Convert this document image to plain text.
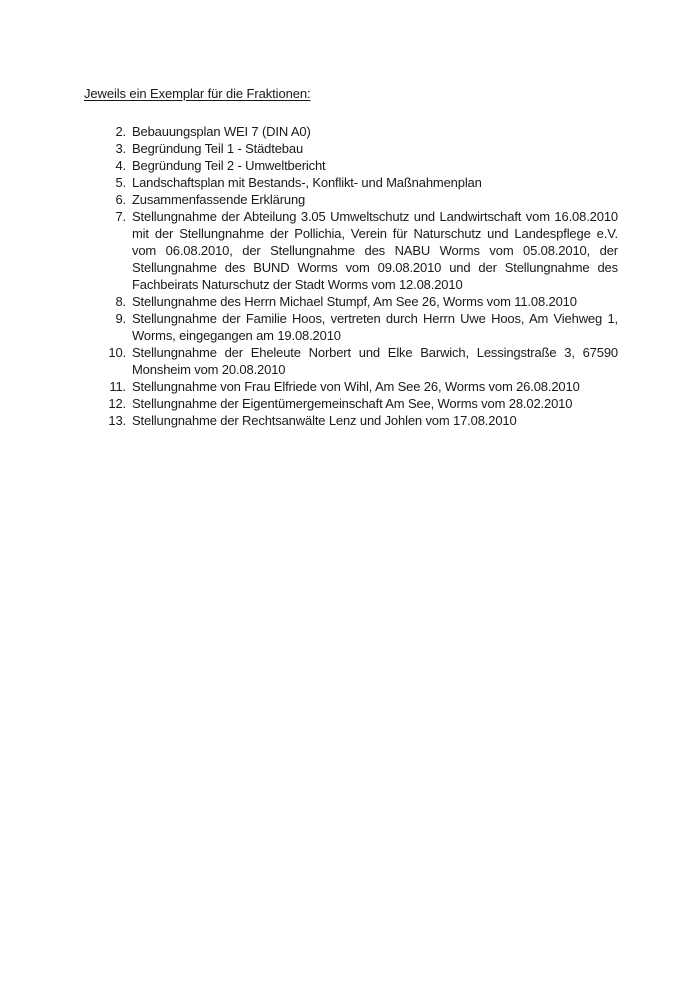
Jeweils ein Exemplar für die Fraktionen:
2. Bebauungsplan WEI 7 (DIN A0)
3. Begründung Teil 1 - Städtebau
4. Begründung Teil 2 - Umweltbericht
5. Landschaftsplan mit Bestands-, Konflikt- und Maßnahmenplan
6. Zusammenfassende Erklärung
7. Stellungnahme der Abteilung 3.05 Umweltschutz und Landwirtschaft vom 16.08.2010 mit der Stellungnahme der Pollichia, Verein für Naturschutz und Landespflege e.V. vom 06.08.2010, der Stellungnahme des NABU Worms vom 05.08.2010, der Stellungnahme des BUND Worms vom 09.08.2010 und der Stellungnahme des Fachbeirats Naturschutz der Stadt Worms vom 12.08.2010
8. Stellungnahme des Herrn Michael Stumpf, Am See 26, Worms vom 11.08.2010
9. Stellungnahme der Familie Hoos, vertreten durch Herrn Uwe Hoos, Am Viehweg 1, Worms, eingegangen am 19.08.2010
10. Stellungnahme der Eheleute Norbert und Elke Barwich, Lessingstraße 3, 67590 Monsheim vom 20.08.2010
11. Stellungnahme von Frau Elfriede von Wihl, Am See 26, Worms vom 26.08.2010
12. Stellungnahme der Eigentümergemeinschaft Am See, Worms vom 28.02.2010
13. Stellungnahme der Rechtsanwälte Lenz und Johlen vom 17.08.2010
